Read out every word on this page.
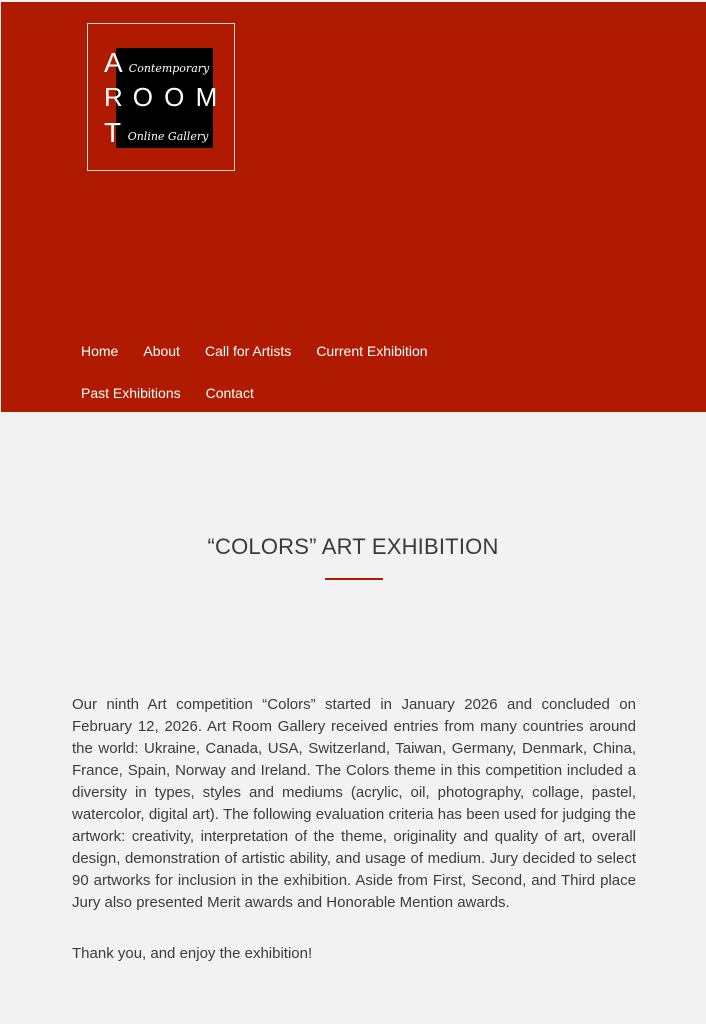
A
R
T
Contemporary
O O M
Online Gallery
Home About Call for Artists Current Exhibition
Past Exhibitions Contact
“COLORS” ART EXHIBITION

Our ninth Art competition “Colors” started in January 2026 and concluded on February 12, 2026. Art Room Gallery received entries from many countries around the world: Ukraine, Canada, USA, Switzerland, Taiwan, Germany, Denmark, China, France, Spain, Norway and Ireland. The Colors theme in this competition included a diversity in types, styles and mediums (acrylic, oil, photography, collage, pastel, watercolor, digital art). The following evaluation criteria has been used for judging the artwork: creativity, interpretation of the theme, originality and quality of art, overall design, demonstration of artistic ability, and usage of medium. Jury decided to select 90 artworks for inclusion in the exhibition. Aside from First, Second, and Third place Jury also presented Merit awards and Honorable Mention awards.

Thank you, and enjoy the exhibition!
